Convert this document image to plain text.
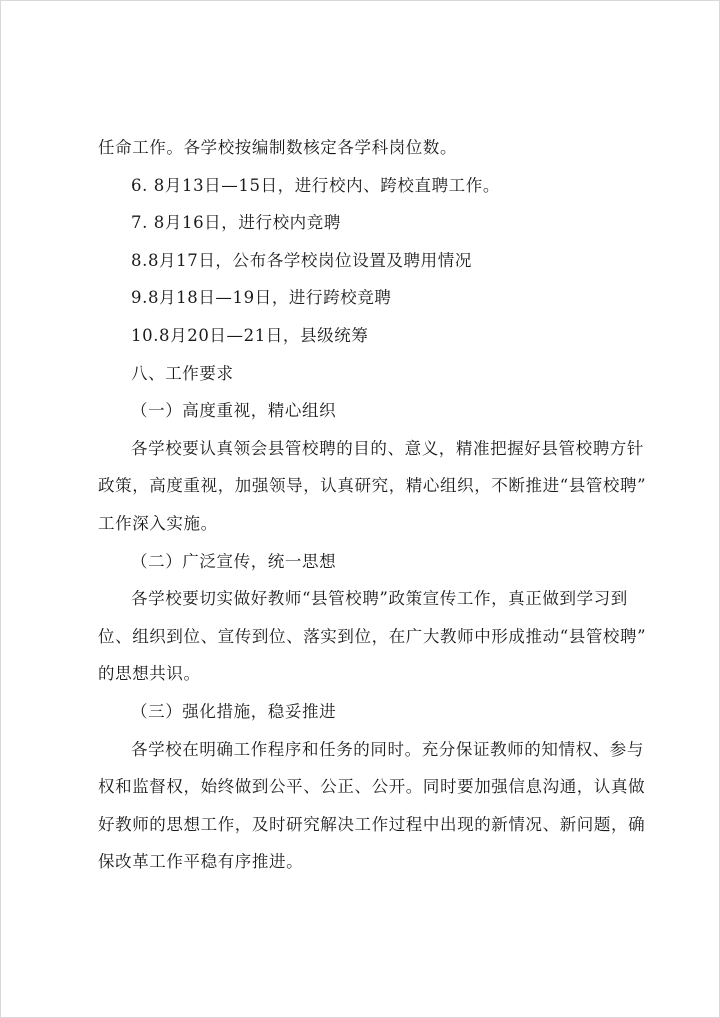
任命工作。各学校按编制数核定各学科岗位数。

6. 8月13日—15日，进行校内、跨校直聘工作。

7. 8月16日，进行校内竞聘

8.8月17日，公布各学校岗位设置及聘用情况

9.8月18日—19日，进行跨校竞聘

10.8月20日—21日，县级统筹

八、工作要求

（一）高度重视，精心组织

各学校要认真领会县管校聘的目的、意义，精准把握好县管校聘方针

政策，高度重视，加强领导，认真研究，精心组织，不断推进“县管校聘”

工作深入实施。

（二）广泛宣传，统一思想

各学校要切实做好教师“县管校聘”政策宣传工作，真正做到学习到

位、组织到位、宣传到位、落实到位，在广大教师中形成推动“县管校聘”

的思想共识。

（三）强化措施，稳妥推进

各学校在明确工作程序和任务的同时。充分保证教师的知情权、参与

权和监督权，始终做到公平、公正、公开。同时要加强信息沟通，认真做

好教师的思想工作，及时研究解决工作过程中出现的新情况、新问题，确

保改革工作平稳有序推进。
